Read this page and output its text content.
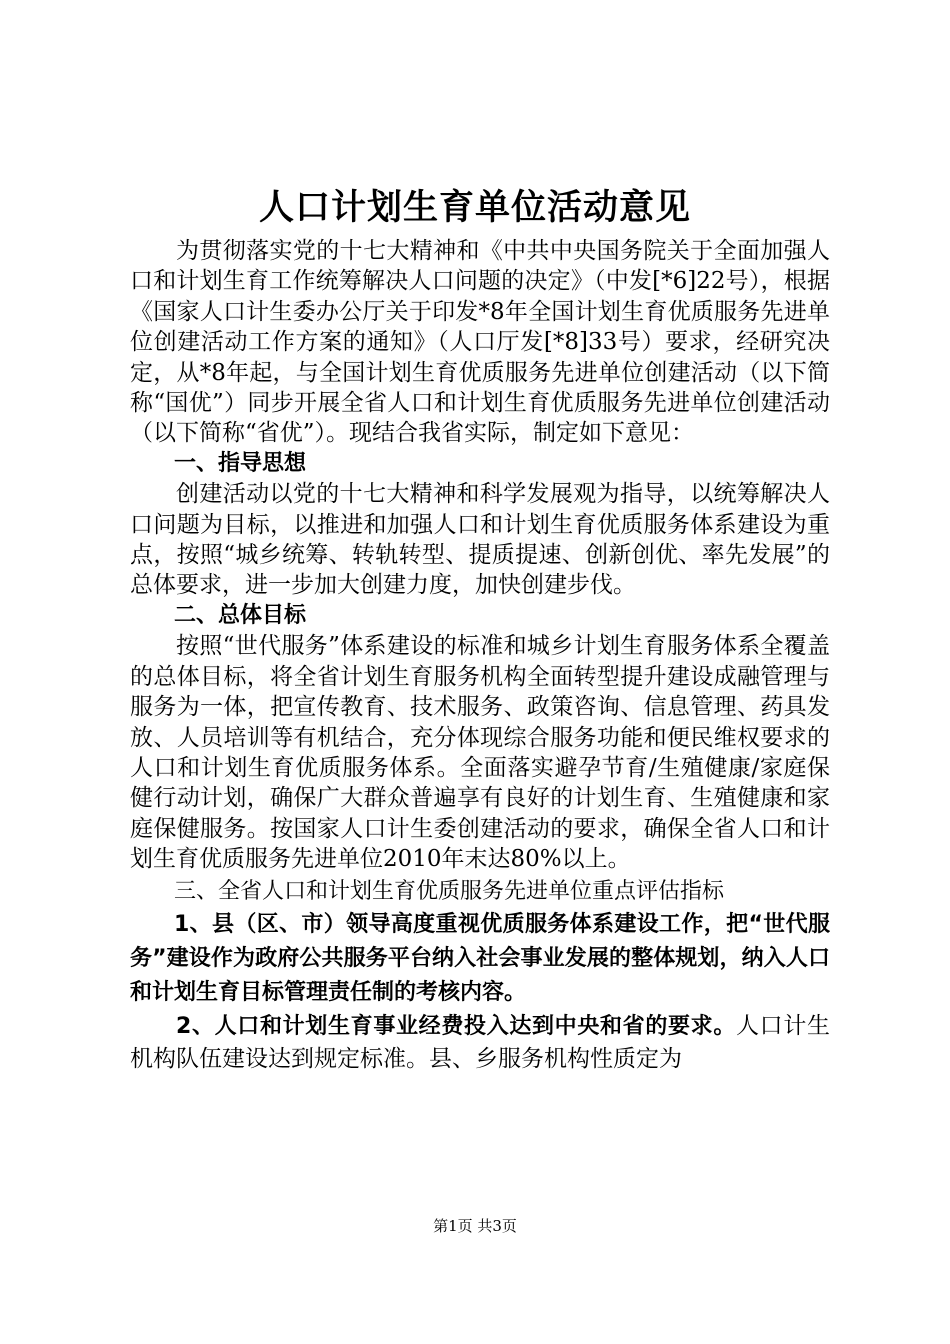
人口计划生育单位活动意见

为贯彻落实党的十七大精神和《中共中央国务院关于全面加强人口和计划生育工作统筹解决人口问题的决定》（中发[*6]22号），根据《国家人口计生委办公厅关于印发*8年全国计划生育优质服务先进单位创建活动工作方案的通知》（人口厅发[*8]33号）要求，经研究决定，从*8年起，与全国计划生育优质服务先进单位创建活动（以下简称“国优”）同步开展全省人口和计划生育优质服务先进单位创建活动（以下简称“省优”）。现结合我省实际，制定如下意见：

一、指导思想

创建活动以党的十七大精神和科学发展观为指导，以统筹解决人口问题为目标，以推进和加强人口和计划生育优质服务体系建设为重点，按照“城乡统筹、转轨转型、提质提速、创新创优、率先发展”的总体要求，进一步加大创建力度，加快创建步伐。

二、总体目标

按照“世代服务”体系建设的标准和城乡计划生育服务体系全覆盖的总体目标，将全省计划生育服务机构全面转型提升建设成融管理与服务为一体，把宣传教育、技术服务、政策咨询、信息管理、药具发放、人员培训等有机结合，充分体现综合服务功能和便民维权要求的人口和计划生育优质服务体系。全面落实避孕节育/生殖健康/家庭保健行动计划，确保广大群众普遍享有良好的计划生育、生殖健康和家庭保健服务。按国家人口计生委创建活动的要求，确保全省人口和计划生育优质服务先进单位2010年末达80%以上。

三、全省人口和计划生育优质服务先进单位重点评估指标

1、县（区、市）领导高度重视优质服务体系建设工作，把“世代服务”建设作为政府公共服务平台纳入社会事业发展的整体规划，纳入人口和计划生育目标管理责任制的考核内容。

2、人口和计划生育事业经费投入达到中央和省的要求。人口计生机构队伍建设达到规定标准。县、乡服务机构性质定为

第1页 共3页
